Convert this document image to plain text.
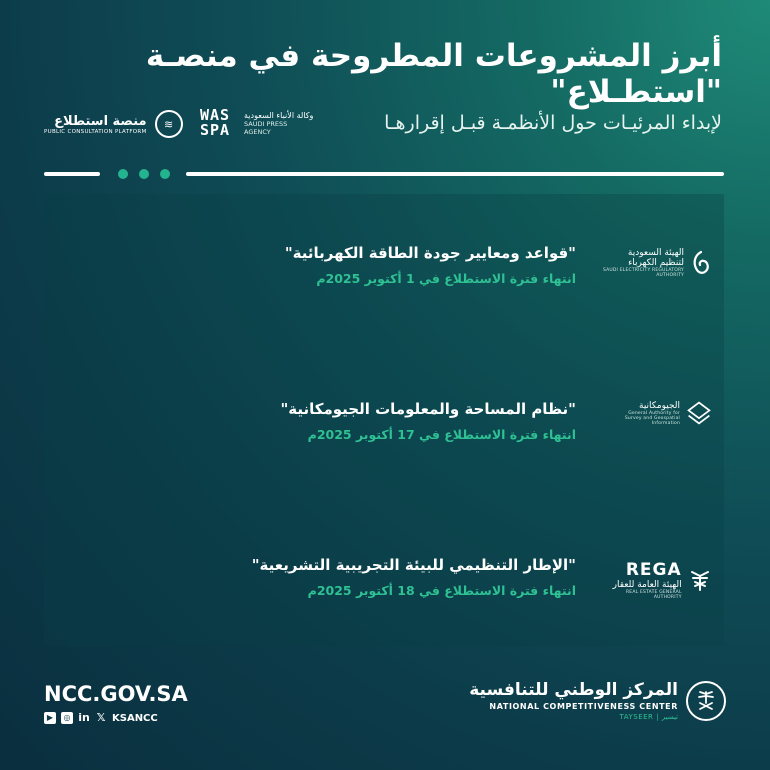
أبرز المشروعات المطروحة في منصـة "استطـلاع"

لإبداء المرئيـات حول الأنظمـة قبـل إقرارهـا

WAS SPA
وكالة الأنباء السعودية
SAUDI PRESS
AGENCY
منصة استطلاع
PUBLIC CONSULTATION PLATFORM
≋

"قواعد ومعايير جودة الطاقة الكهربائية"

انتهاء فترة الاستطلاع في 1 أكتوبر 2025م

الهيئة السعودية لتنظيم الكهرباء
SAUDI ELECTRICITY REGULATORY AUTHORITY

"نظام المساحة والمعلومات الجيومكانية"

انتهاء فترة الاستطلاع في 17 أكتوبر 2025م

الجيومكانية
General Authority for Survey and Geospatial Information

"الإطار التنظيمي للبيئة التجريبية التشريعية"

انتهاء فترة الاستطلاع في 18 أكتوبر 2025م

REGA
الهيئة العامة للعقار
REAL ESTATE GENERAL AUTHORITY

NCC.GOV.SA

▶	◎ in 𝕏 KSANCC

المركز الوطني للتنافسية

NATIONAL COMPETITIVENESS CENTER

TAYSEER | تيسير
